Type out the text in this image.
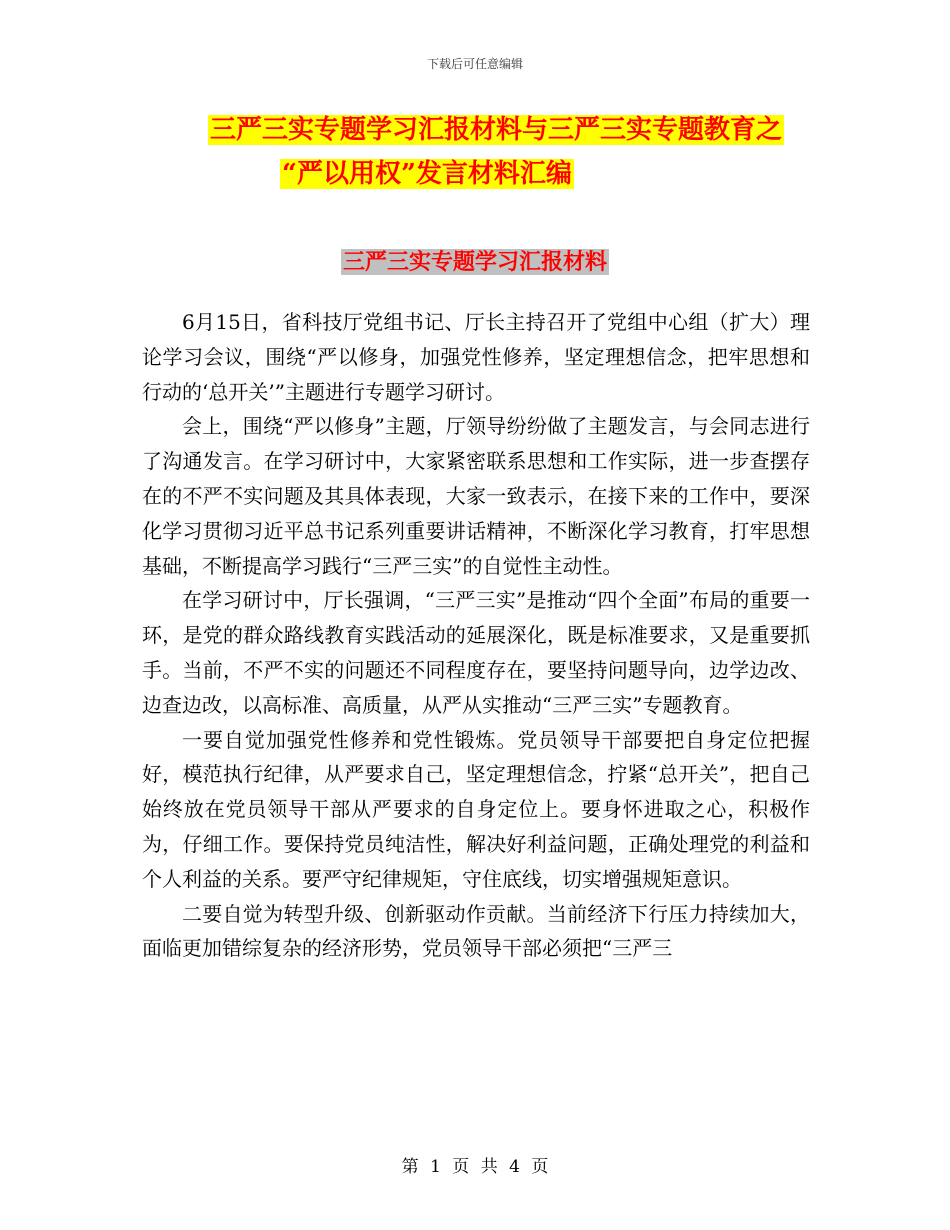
下载后可任意编辑
三严三实专题学习汇报材料与三严三实专题教育之
“严以用权”发言材料汇编
三严三实专题学习汇报材料

6月15日，省科技厅党组书记、厅长主持召开了党组中心组（扩大）理论学习会议，围绕“严以修身，加强党性修养，坚定理想信念，把牢思想和行动的‘总开关’”主题进行专题学习研讨。

会上，围绕“严以修身”主题，厅领导纷纷做了主题发言，与会同志进行了沟通发言。在学习研讨中，大家紧密联系思想和工作实际，进一步查摆存在的不严不实问题及其具体表现，大家一致表示，在接下来的工作中，要深化学习贯彻习近平总书记系列重要讲话精神，不断深化学习教育，打牢思想基础，不断提高学习践行“三严三实”的自觉性主动性。

在学习研讨中，厅长强调，“三严三实”是推动“四个全面”布局的重要一环，是党的群众路线教育实践活动的延展深化，既是标准要求，又是重要抓手。当前，不严不实的问题还不同程度存在，要坚持问题导向，边学边改、边查边改，以高标准、高质量，从严从实推动“三严三实”专题教育。

一要自觉加强党性修养和党性锻炼。党员领导干部要把自身定位把握好，模范执行纪律，从严要求自己，坚定理想信念，拧紧“总开关”，把自己始终放在党员领导干部从严要求的自身定位上。要身怀进取之心，积极作为，仔细工作。要保持党员纯洁性，解决好利益问题，正确处理党的利益和个人利益的关系。要严守纪律规矩，守住底线，切实增强规矩意识。

二要自觉为转型升级、创新驱动作贡献。当前经济下行压力持续加大，面临更加错综复杂的经济形势，党员领导干部必须把“三严三

第 1 页 共 4 页
